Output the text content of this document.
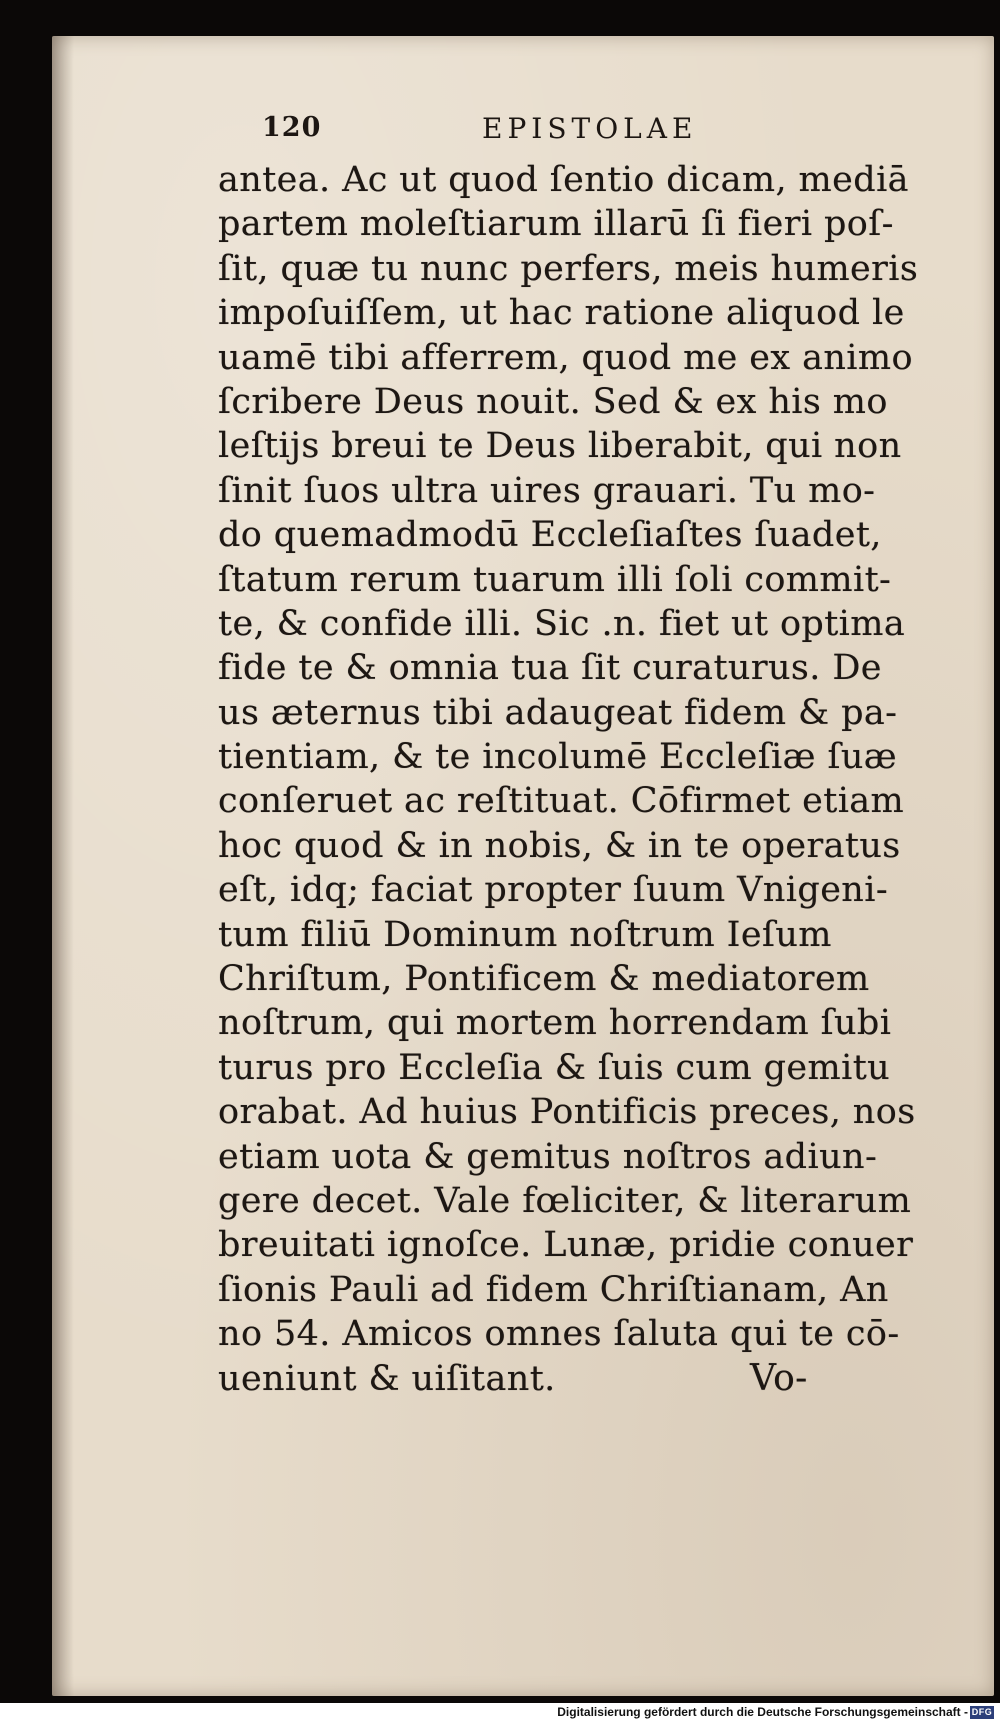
120	EPISTOLAE
antea. Ac ut quod ſentio dicam, mediā
partem moleſtiarum illarū ſi fieri poſ-
ſit, quæ tu nunc perfers, meis humeris
impoſuiſſem, ut hac ratione aliquod le
uamē tibi afferrem, quod me ex animo
ſcribere Deus nouit. Sed & ex his mo
leſtijs breui te Deus liberabit, qui non
ſinit ſuos ultra uires grauari. Tu mo-
do quemadmodū Eccleſiaſtes ſuadet,
ſtatum rerum tuarum illi ſoli commit-
te, & confide illi. Sic .n. fiet ut optima
fide te & omnia tua ſit curaturus. De
us æternus tibi adaugeat fidem & pa-
tientiam, & te incolumē Eccleſiæ ſuæ
conſeruet ac reſtituat. Cōfirmet etiam
hoc quod & in nobis, & in te operatus
eſt, idq; faciat propter ſuum Vnigeni-
tum filiū Dominum noſtrum Ieſum
Chriſtum, Pontificem & mediatorem
noſtrum, qui mortem horrendam ſubi
turus pro Eccleſia & ſuis cum gemitu
orabat. Ad huius Pontificis preces, nos
etiam uota & gemitus noſtros adiun-
gere decet. Vale fœliciter, & literarum
breuitati ignoſce. Lunæ, pridie conuer
ſionis Pauli ad fidem Chriſtianam, An
no 54. Amicos omnes ſaluta qui te cō-
ueniunt & uiſitant.	Vo-
Digitalisierung gefördert durch die Deutsche Forschungsgemeinschaft - DFG
